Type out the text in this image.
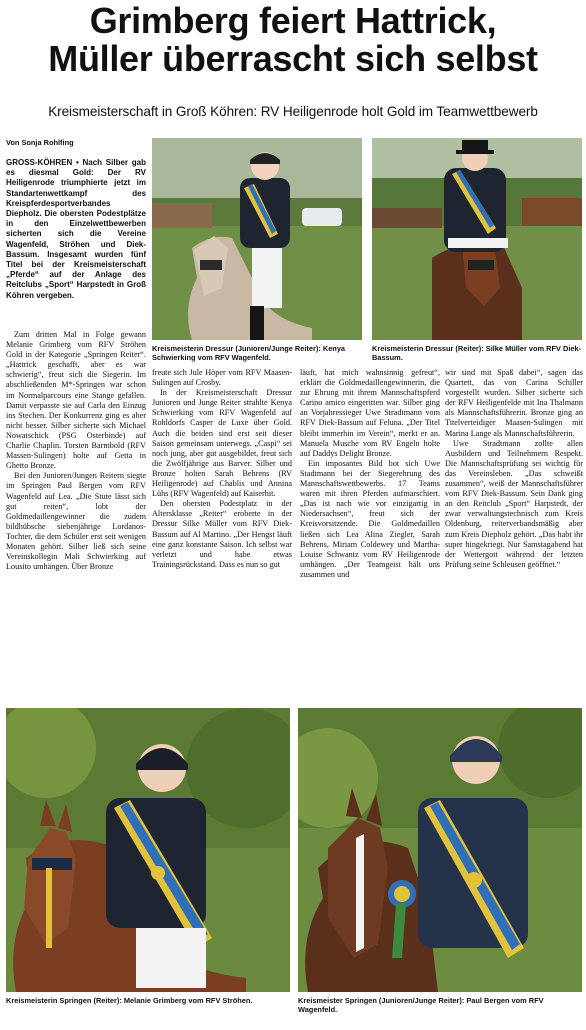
Grimberg feiert Hattrick,
Müller überrascht sich selbst
Kreismeisterschaft in Groß Köhren: RV Heiligenrode holt Gold im Teamwettbewerb
Von Sonja Rohlfing
GROSS-KÖHREN • Nach Silber gab es diesmal Gold: Der RV Heiligenrode triumphierte jetzt im Standartenwettkampf des Kreispferdesportverbandes Diepholz. Die obersten Podestplätze in den Einzelwettbewerben sicherten sich die Vereine Wagenfeld, Ströhen und Diek-Bassum. Insgesamt wurden fünf Titel bei der Kreismeisterschaft „Pferde“ auf der Anlage des Reitclubs „Sport“ Harpstedt in Groß Köhren vergeben.
Kreismeisterin Dressur (Junioren/Junge Reiter): Kenya Schwierking vom RFV Wagenfeld.
Kreismeisterin Dressur (Reiter): Silke Müller vom RFV Diek-Bassum.

Zum dritten Mal in Folge gewann Melanie Grimberg vom RFV Ströhen Gold in der Kategorie „Springen Reiter“. „Hattrick geschafft, aber es war schwierig“, freut sich die Siegerin. Im abschließenden M*-Springen war schon im Normalparcours eine Stange gefallen. Damit verpasste sie auf Carla den Einzug ins Stechen. Der Konkurrenz ging es aber nicht besser. Silber sicherte sich Michael Nowatschick (PSG Osterbinde) auf Charlie Chaplin. Torsten Barmbold (RFV Massen-Sulingen) holte auf Getta in Ghetto Bronze.

Bei den Junioren/Jungen Reitern siegte im Springen Paul Bergen vom RFV Wagenfeld auf Lea. „Die Stute lässt sich gut reiten“, lobt der Goldmedaillengewinner die zudem bildhübsche siebenjährige Lordanos-Tochter, die dem Schüler erst seit wenigen Monaten gehört. Silber ließ sich seine Vereinskollegin Mali Schwierking auf Lousito umhängen. Über Bronze

freute sich Jule Höper vom RFV Maasen-Sulingen auf Crosby.

In der Kreismeisterschaft Dressur Junioren und Junge Reiter strahlte Kenya Schwierking vom RFV Wagenfeld auf Rohldorfs Casper de Luxe über Gold. Auch die beiden sind erst seit dieser Saison gemeinsam unterwegs. „Caspi“ sei noch jung, aber gut ausgebildet, freut sich die Zwölfjährige aus Barver. Silber und Bronze holten Sarah Behrens (RV Heiligenrode) auf Chablis und Annina Lühs (RFV Wagenfeld) auf Kaiserhit.

Den obersten Podestplatz in der Altersklasse „Reiter“ eroberte in der Dressur Silke Müller vom RFV Diek-Bassum auf Al Martino. „Der Hengst läuft eine ganz konstante Saison. Ich selbst war verletzt und habe etwas Trainingsrückstand. Dass es nun so gut

läuft, hat mich wahnsinnig gefreut“, erklärt die Goldmedaillengewinnerin, die zur Ehrung mit ihrem Mannschaftspferd Carino amico eingeritten war. Silber ging an Vorjahressieger Uwe Stradtmann vom RFV Diek-Bassum auf Feluna. „Der Titel bleibt immerhin im Verein“, merkt er an. Manuela Musche vom RV Engeln holte auf Daddys Delight Bronze.

Ein imposantes Bild bot sich Uwe Stadtmann bei der Siegerehrung des Mannschaftswettbewerbs. 17 Teams waren mit ihren Pferden aufmarschiert. „Das ist nach wie vor einzigartig in Niedersachsen“, freut sich der Kreisvorsitzende. Die Goldmedaillen ließen sich Lea Alina Ziegler, Sarah Behrens, Miriam Coldewey und Martha-Louise Schwantz vom RV Heiligenrode umhängen. „Der Teamgeist hält uns zusammen und

wir sind mit Spaß dabei“, sagen das Quartett, das von Carina Schiller vorgestellt wurden. Silber sicherte sich der RFV Heiligenfelde mit Ina Thalmann als Mannschaftsführerin. Bronze ging an Titelverteidiger Maasen-Sulingen mit Marina Lange als Mannschaftsführerin.

Uwe Stradtmann zollte allen Ausbildern und Teilnehmern Respekt. Die Mannschaftsprüfung sei wichtig für das Vereinsleben. „Das schweißt zusammen“, weiß der Mannschaftsführer vom RFV Diek-Bassum. Sein Dank ging an den Reitclub „Sport“ Harpstedt, der zwar verwaltungstechnisch zum Kreis Oldenburg, reiterverbandsmäßig aber zum Kreis Diepholz gehört. „Das habt ihr super hingekriegt. Nur Samstagabend hat der Wettergott während der letzten Prüfung seine Schleusen geöffnet.“

Kreismeisterin Springen (Reiter): Melanie Grimberg vom RFV Ströhen.	Kreismeister Springen (Junioren/Junge Reiter): Paul Bergen vom RFV Wagenfeld.
